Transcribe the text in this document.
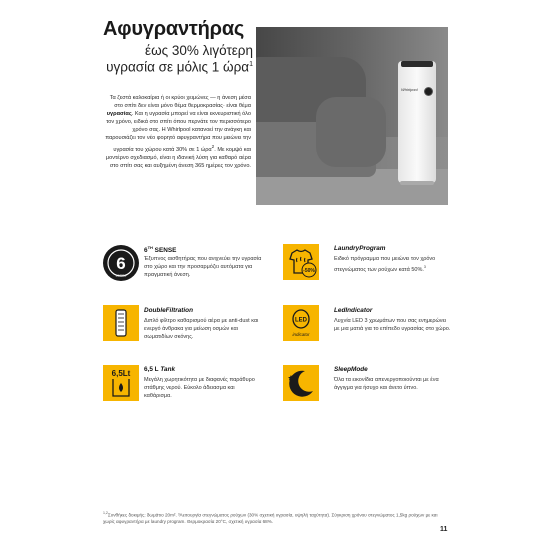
Αφυγραντήρας
έως 30% λιγότερη υγρασία σε μόλις 1 ώρα$^1$
Τα ζεστά καλοκαίρια ή οι κρύοι χειμώνες — η άνεση μέσα στο σπίτι δεν είναι μόνο θέμα θερμοκρασίας· είναι θέμα υγρασίας. Και η υγρασία μπορεί να είναι εκνευριστική όλο τον χρόνο, ειδικά στο σπίτι όπου περνάτε τον περισσότερο χρόνο σας. Η Whirlpool κατανοεί την ανάγκη και παρουσιάζει τον νέο φορητό αφυγραντήρα που μειώνει την υγρασία του χώρου κατά 30% σε 1 ώρα$^2$. Με κομψό και μοντέρνο σχεδιασμό, είναι η ιδανική λύση για καθαρό αέρα στο σπίτι σας και αυξημένη άνεση 365 ημέρες τον χρόνο.
Whirlpool
6
sense
6TH SENSE
Έξυπνος αισθητήρας που ανιχνεύει την υγρασία στο χώρο και την προσαρμόζει αυτόματα για πραγματική άνεση.
-50%
LaundryProgram
Ειδικό πρόγραμμα που μειώνει τον χρόνο στεγνώματος των ρούχων κατά 50%.$^3$
DoubleFiltration
Διπλό φίλτρο καθαρισμού αέρα με anti-dust και ενεργό άνθρακα για μείωση οσμών και σωματιδίων σκόνης.
LED
indicator
LedIndicator
Λυχνία LED 3 χρωμάτων που σας ενημερώνει με μια ματιά για το επίπεδο υγρασίας στο χώρο.
6,5Lt 6,5 L Tank
Μεγάλη χωρητικότητα με διαφανές παράθυρο στάθμης νερού. Εύκολο άδειασμα και καθάρισμα.
SleepMode
Όλα τα εικονίδια απενεργοποιούνται με ένα άγγιγμα για ήσυχο και άνετο ύπνο.
$^{1,2}$Συνθήκες δοκιμής: δωμάτιο 20m². ³Λειτουργία στεγνώματος ρούχων (30% σχετική υγρασία, υψηλή ταχύτητα). Σύγκριση χρόνου στεγνώματος 1,5kg ρούχων με και χωρίς αφυγραντήρα με laundry program. Θερμοκρασία 20°C, σχετική υγρασία 68%.
11
